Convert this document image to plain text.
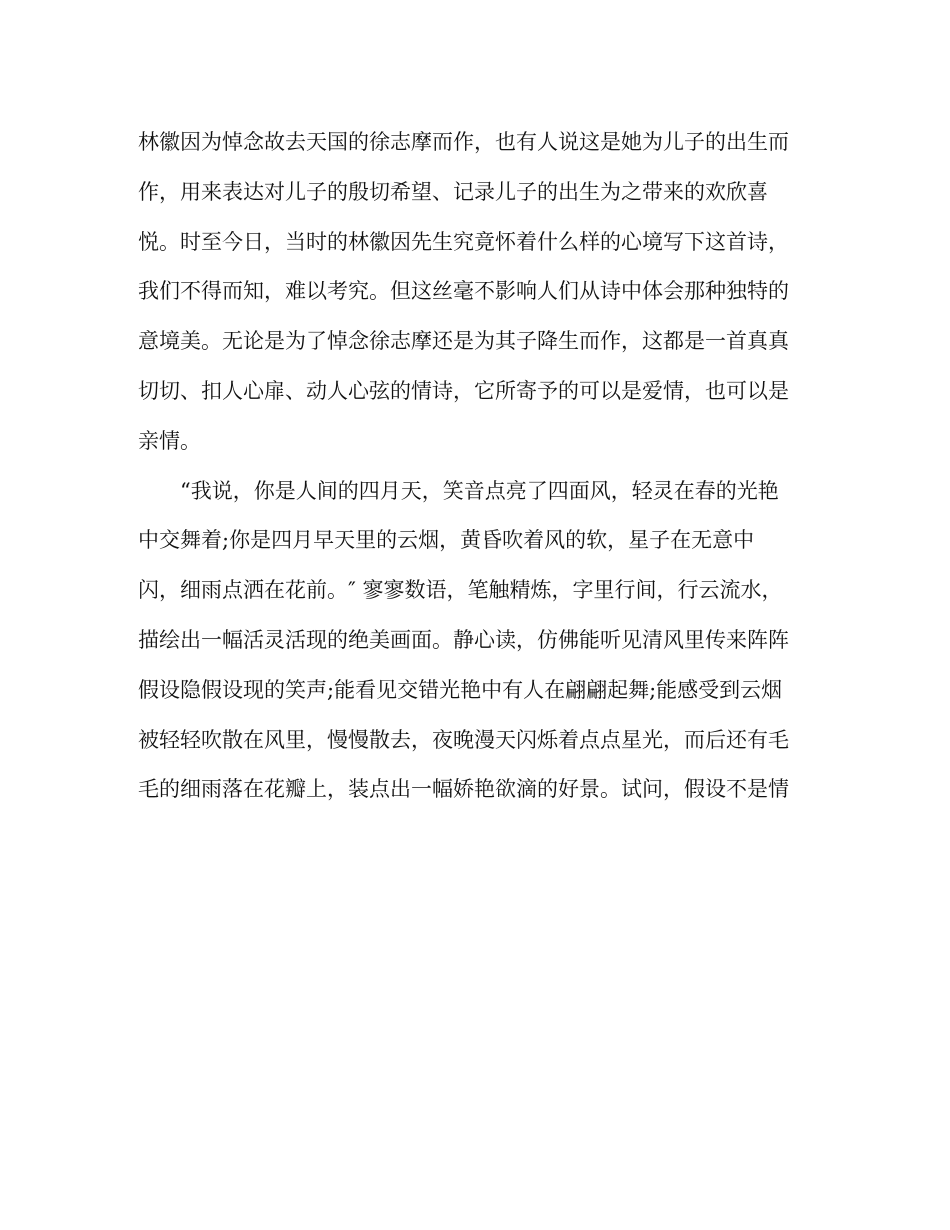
林徽因为悼念故去天国的徐志摩而作，也有人说这是她为儿子的出生而
作，用来表达对儿子的殷切希望、记录儿子的出生为之带来的欢欣喜
悦。时至今日，当时的林徽因先生究竟怀着什么样的心境写下这首诗，
我们不得而知，难以考究。但这丝毫不影响人们从诗中体会那种独特的
意境美。无论是为了悼念徐志摩还是为其子降生而作，这都是一首真真
切切、扣人心扉、动人心弦的情诗，它所寄予的可以是爱情，也可以是
亲情。
“我说，你是人间的四月天，笑音点亮了四面风，轻灵在春的光艳
中交舞着;你是四月早天里的云烟，黄昏吹着风的软，星子在无意中
闪，细雨点洒在花前。″ 寥寥数语，笔触精炼，字里行间，行云流水，
描绘出一幅活灵活现的绝美画面。静心读，仿佛能听见清风里传来阵阵
假设隐假设现的笑声;能看见交错光艳中有人在翩翩起舞;能感受到云烟
被轻轻吹散在风里，慢慢散去，夜晚漫天闪烁着点点星光，而后还有毛
毛的细雨落在花瓣上，装点出一幅娇艳欲滴的好景。试问，假设不是情
